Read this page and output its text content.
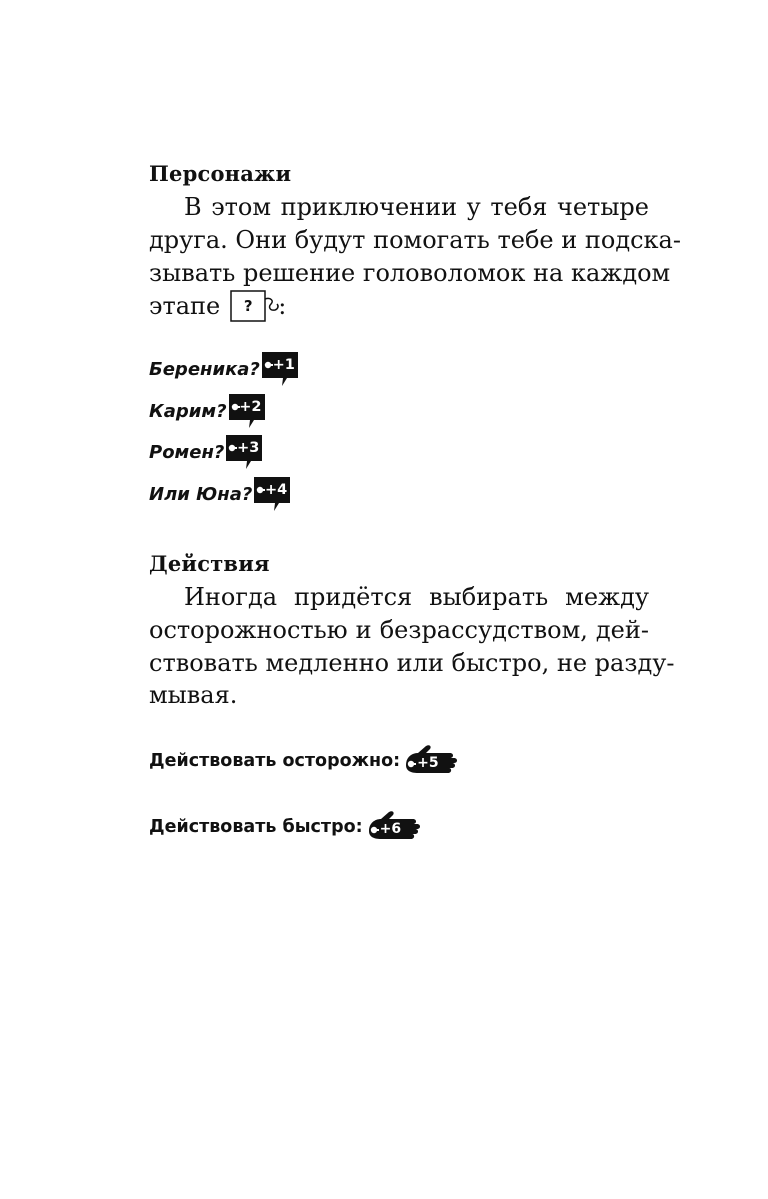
Персонажи
В этом приключении у тебя четыре
друга. Они будут помогать тебе и подска-
зывать решение головоломок на каждом
этапе	?	:
Береника? +1
Карим? +2
Ромен? +3
Или Юна? +4
Действия
Иногда придётся выбирать между
осторожностью и безрассудством, дей-
ствовать медленно или быстро, не разду-
мывая.
Действовать осторожно: +5
Действовать быстро: +6
